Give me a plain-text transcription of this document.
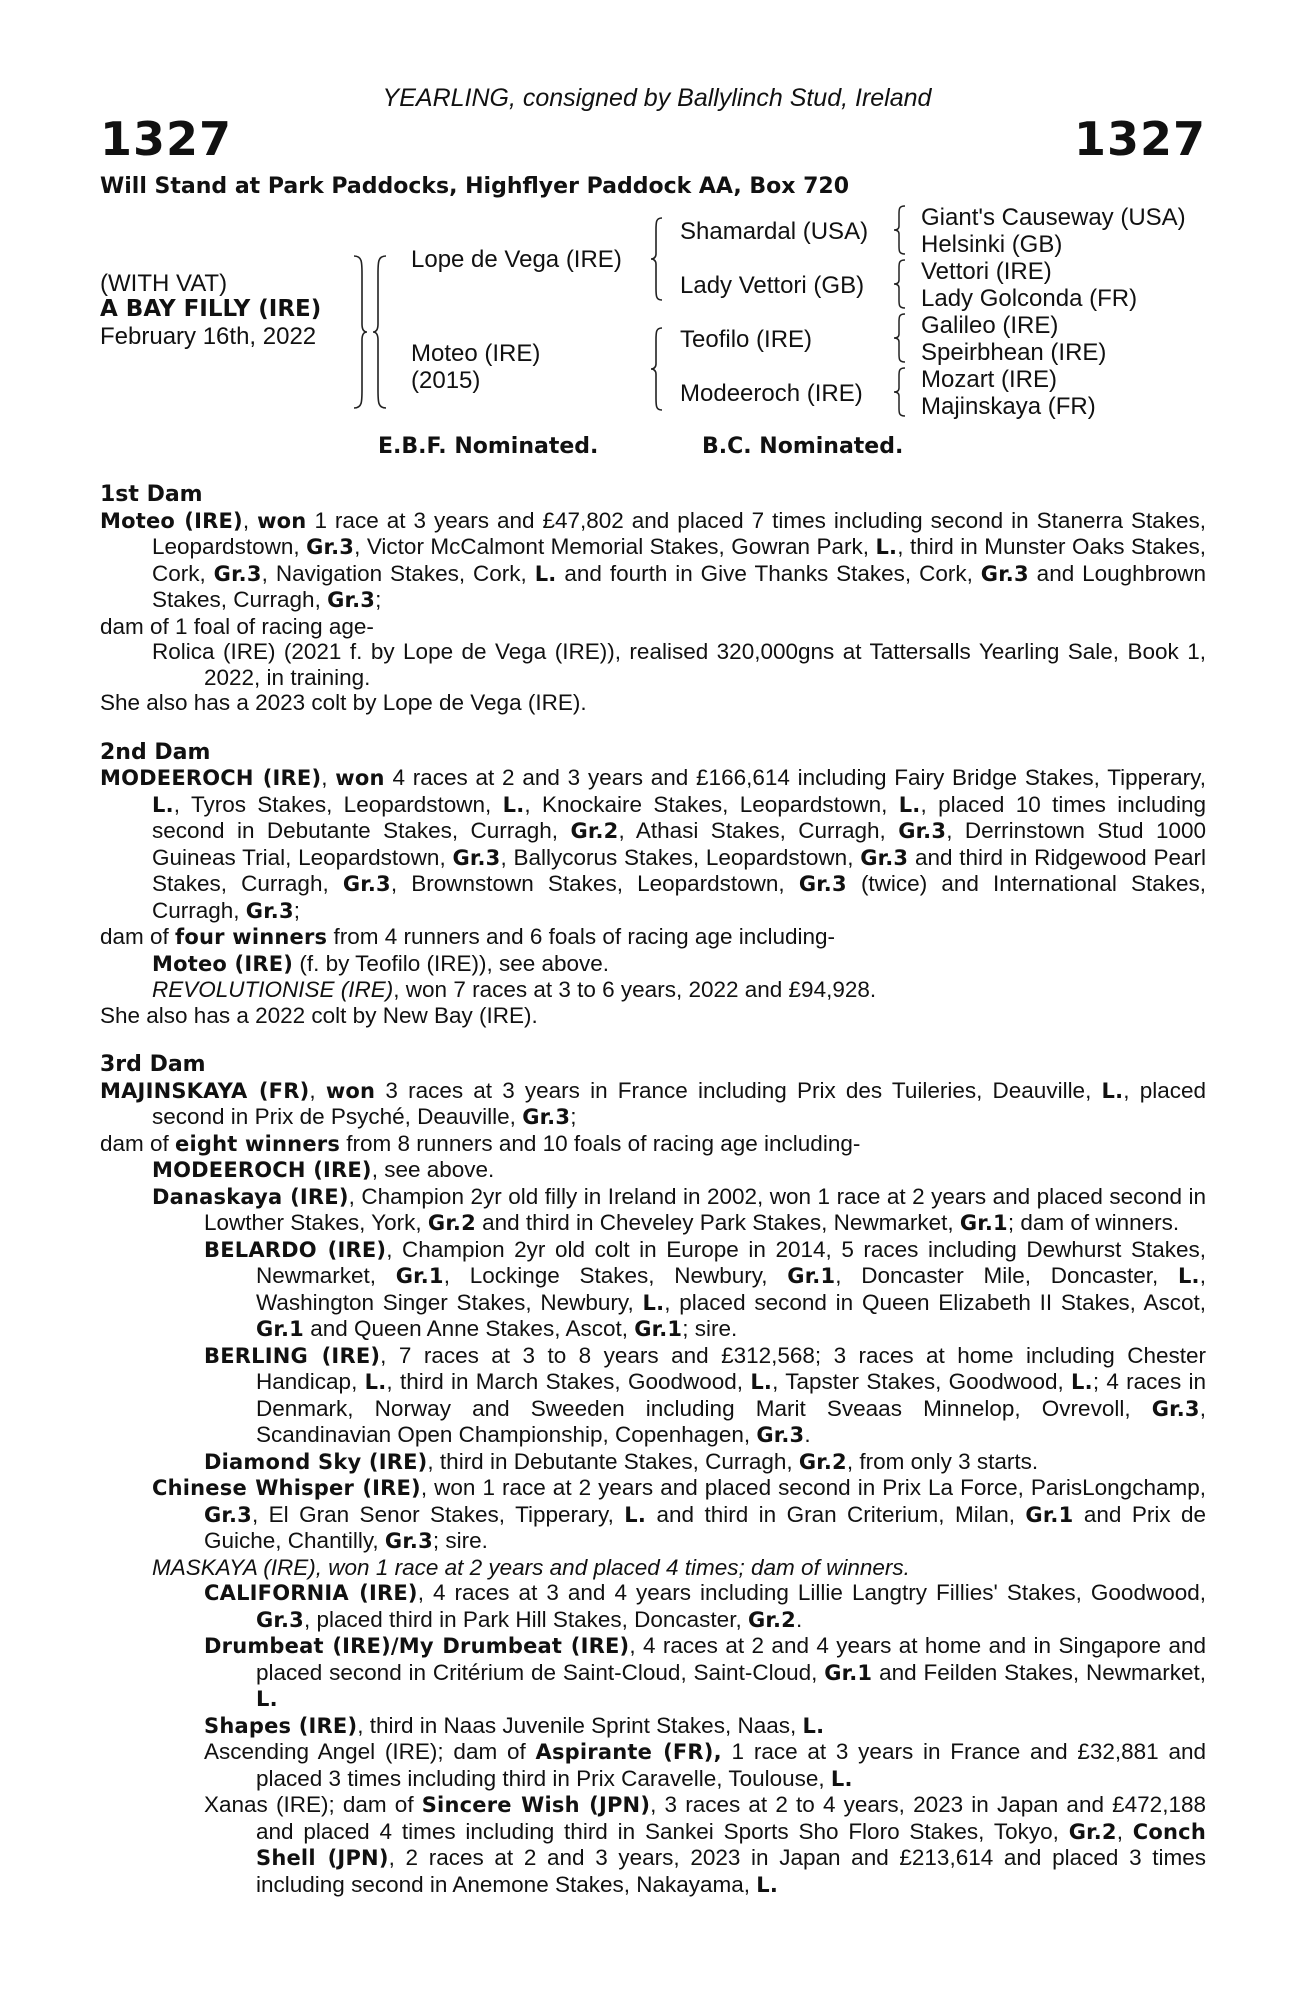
YEARLING, consigned by Ballylinch Stud, Ireland
1327	1327
Will Stand at Park Paddocks, Highflyer Paddock AA, Box 720
(WITH VAT)
A BAY FILLY (IRE)
February 16th, 2022
Lope de Vega (IRE)
Moteo (IRE)
(2015)
Shamardal (USA)
Lady Vettori (GB)
Teofilo (IRE)
Modeeroch (IRE)
Giant's Causeway (USA)
Helsinki (GB)
Vettori (IRE)
Lady Golconda (FR)
Galileo (IRE)
Speirbhean (IRE)
Mozart (IRE)
Majinskaya (FR)
E.B.F. Nominated.	B.C. Nominated.

1st Dam

Moteo (IRE), won 1 race at 3 years and £47,802 and placed 7 times including second in Stanerra Stakes, Leopardstown, Gr.3, Victor McCalmont Memorial Stakes, Gowran Park, L., third in Munster Oaks Stakes, Cork, Gr.3, Navigation Stakes, Cork, L. and fourth in Give Thanks Stakes, Cork, Gr.3 and Loughbrown Stakes, Curragh, Gr.3;

dam of 1 foal of racing age-

Rolica (IRE) (2021 f. by Lope de Vega (IRE)), realised 320,000gns at Tattersalls Yearling Sale, Book 1, 2022, in training.

She also has a 2023 colt by Lope de Vega (IRE).

2nd Dam

MODEEROCH (IRE), won 4 races at 2 and 3 years and £166,614 including Fairy Bridge Stakes, Tipperary, L., Tyros Stakes, Leopardstown, L., Knockaire Stakes, Leopardstown, L., placed 10 times including second in Debutante Stakes, Curragh, Gr.2, Athasi Stakes, Curragh, Gr.3, Derrinstown Stud 1000 Guineas Trial, Leopardstown, Gr.3, Ballycorus Stakes, Leopardstown, Gr.3 and third in Ridgewood Pearl Stakes, Curragh, Gr.3, Brownstown Stakes, Leopardstown, Gr.3 (twice) and International Stakes, Curragh, Gr.3;

dam of four winners from 4 runners and 6 foals of racing age including-

Moteo (IRE) (f. by Teofilo (IRE)), see above.

REVOLUTIONISE (IRE), won 7 races at 3 to 6 years, 2022 and £94,928.

She also has a 2022 colt by New Bay (IRE).

3rd Dam

MAJINSKAYA (FR), won 3 races at 3 years in France including Prix des Tuileries, Deauville, L., placed second in Prix de Psyché, Deauville, Gr.3;

dam of eight winners from 8 runners and 10 foals of racing age including-

MODEEROCH (IRE), see above.

Danaskaya (IRE), Champion 2yr old filly in Ireland in 2002, won 1 race at 2 years and placed second in Lowther Stakes, York, Gr.2 and third in Cheveley Park Stakes, Newmarket, Gr.1; dam of winners.

BELARDO (IRE), Champion 2yr old colt in Europe in 2014, 5 races including Dewhurst Stakes, Newmarket, Gr.1, Lockinge Stakes, Newbury, Gr.1, Doncaster Mile, Doncaster, L., Washington Singer Stakes, Newbury, L., placed second in Queen Elizabeth II Stakes, Ascot, Gr.1 and Queen Anne Stakes, Ascot, Gr.1; sire.

BERLING (IRE), 7 races at 3 to 8 years and £312,568; 3 races at home including Chester Handicap, L., third in March Stakes, Goodwood, L., Tapster Stakes, Goodwood, L.; 4 races in Denmark, Norway and Sweeden including Marit Sveaas Minnelop, Ovrevoll, Gr.3, Scandinavian Open Championship, Copenhagen, Gr.3.

Diamond Sky (IRE), third in Debutante Stakes, Curragh, Gr.2, from only 3 starts.

Chinese Whisper (IRE), won 1 race at 2 years and placed second in Prix La Force, ParisLongchamp, Gr.3, El Gran Senor Stakes, Tipperary, L. and third in Gran Criterium, Milan, Gr.1 and Prix de Guiche, Chantilly, Gr.3; sire.

MASKAYA (IRE), won 1 race at 2 years and placed 4 times; dam of winners.

CALIFORNIA (IRE), 4 races at 3 and 4 years including Lillie Langtry Fillies' Stakes, Goodwood, Gr.3, placed third in Park Hill Stakes, Doncaster, Gr.2.

Drumbeat (IRE)/My Drumbeat (IRE), 4 races at 2 and 4 years at home and in Singapore and placed second in Critérium de Saint-Cloud, Saint-Cloud, Gr.1 and Feilden Stakes, Newmarket, L.

Shapes (IRE), third in Naas Juvenile Sprint Stakes, Naas, L.

Ascending Angel (IRE); dam of Aspirante (FR), 1 race at 3 years in France and £32,881 and placed 3 times including third in Prix Caravelle, Toulouse, L.

Xanas (IRE); dam of Sincere Wish (JPN), 3 races at 2 to 4 years, 2023 in Japan and £472,188 and placed 4 times including third in Sankei Sports Sho Floro Stakes, Tokyo, Gr.2, Conch Shell (JPN), 2 races at 2 and 3 years, 2023 in Japan and £213,614 and placed 3 times including second in Anemone Stakes, Nakayama, L.
